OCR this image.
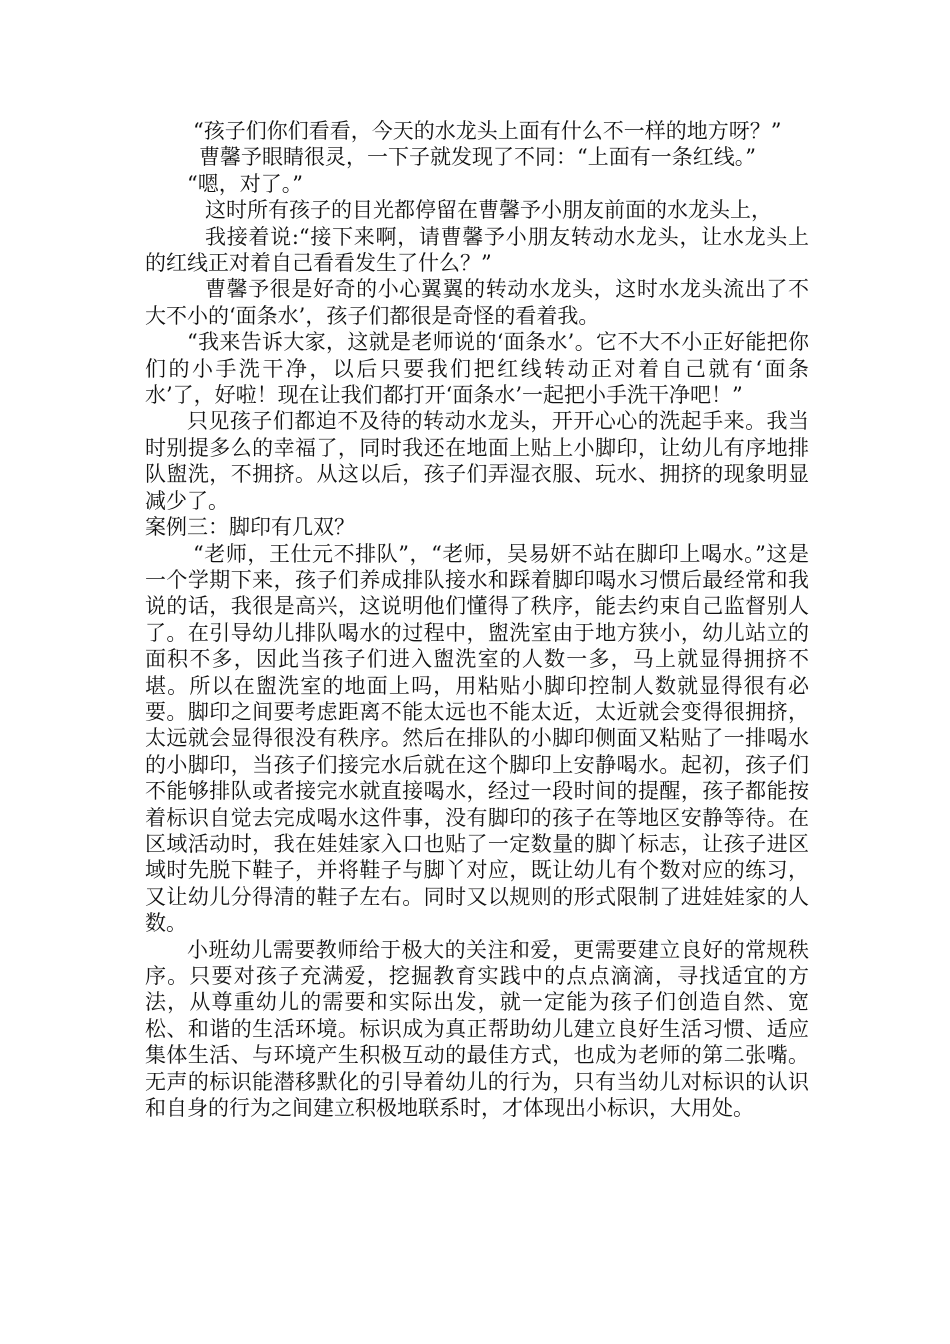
“孩子们你们看看，今天的水龙头上面有什么不一样的地方呀？”

曹馨予眼睛很灵，一下子就发现了不同：“上面有一条红线。”

“嗯，对了。”

这时所有孩子的目光都停留在曹馨予小朋友前面的水龙头上，

我接着说:“接下来啊，请曹馨予小朋友转动水龙头，让水龙头上的红线正对着自己看看发生了什么？”

曹馨予很是好奇的小心翼翼的转动水龙头，这时水龙头流出了不大不小的‘面条水’，孩子们都很是奇怪的看着我。

“我来告诉大家，这就是老师说的‘面条水’。它不大不小正好能把你们的小手洗干净，以后只要我们把红线转动正对着自己就有‘面条水’了，好啦！现在让我们都打开‘面条水’一起把小手洗干净吧！”

只见孩子们都迫不及待的转动水龙头，开开心心的洗起手来。我当时别提多么的幸福了，同时我还在地面上贴上小脚印，让幼儿有序地排队盥洗，不拥挤。从这以后，孩子们弄湿衣服、玩水、拥挤的现象明显减少了。

案例三：脚印有几双？

“老师，王仕元不排队”，“老师，吴易妍不站在脚印上喝水。”这是一个学期下来，孩子们养成排队接水和踩着脚印喝水习惯后最经常和我说的话，我很是高兴，这说明他们懂得了秩序，能去约束自己监督别人了。在引导幼儿排队喝水的过程中，盥洗室由于地方狭小，幼儿站立的面积不多，因此当孩子们进入盥洗室的人数一多，马上就显得拥挤不堪。所以在盥洗室的地面上吗，用粘贴小脚印控制人数就显得很有必要。脚印之间要考虑距离不能太远也不能太近，太近就会变得很拥挤，太远就会显得很没有秩序。然后在排队的小脚印侧面又粘贴了一排喝水的小脚印，当孩子们接完水后就在这个脚印上安静喝水。起初，孩子们不能够排队或者接完水就直接喝水，经过一段时间的提醒，孩子都能按着标识自觉去完成喝水这件事，没有脚印的孩子在等地区安静等待。在区域活动时，我在娃娃家入口也贴了一定数量的脚丫标志，让孩子进区域时先脱下鞋子，并将鞋子与脚丫对应，既让幼儿有个数对应的练习，又让幼儿分得清的鞋子左右。同时又以规则的形式限制了进娃娃家的人数。

小班幼儿需要教师给于极大的关注和爱，更需要建立良好的常规秩序。只要对孩子充满爱，挖掘教育实践中的点点滴滴，寻找适宜的方法，从尊重幼儿的需要和实际出发，就一定能为孩子们创造自然、宽松、和谐的生活环境。标识成为真正帮助幼儿建立良好生活习惯、适应集体生活、与环境产生积极互动的最佳方式，也成为老师的第二张嘴。无声的标识能潜移默化的引导着幼儿的行为，只有当幼儿对标识的认识和自身的行为之间建立积极地联系时，才体现出小标识，大用处。
